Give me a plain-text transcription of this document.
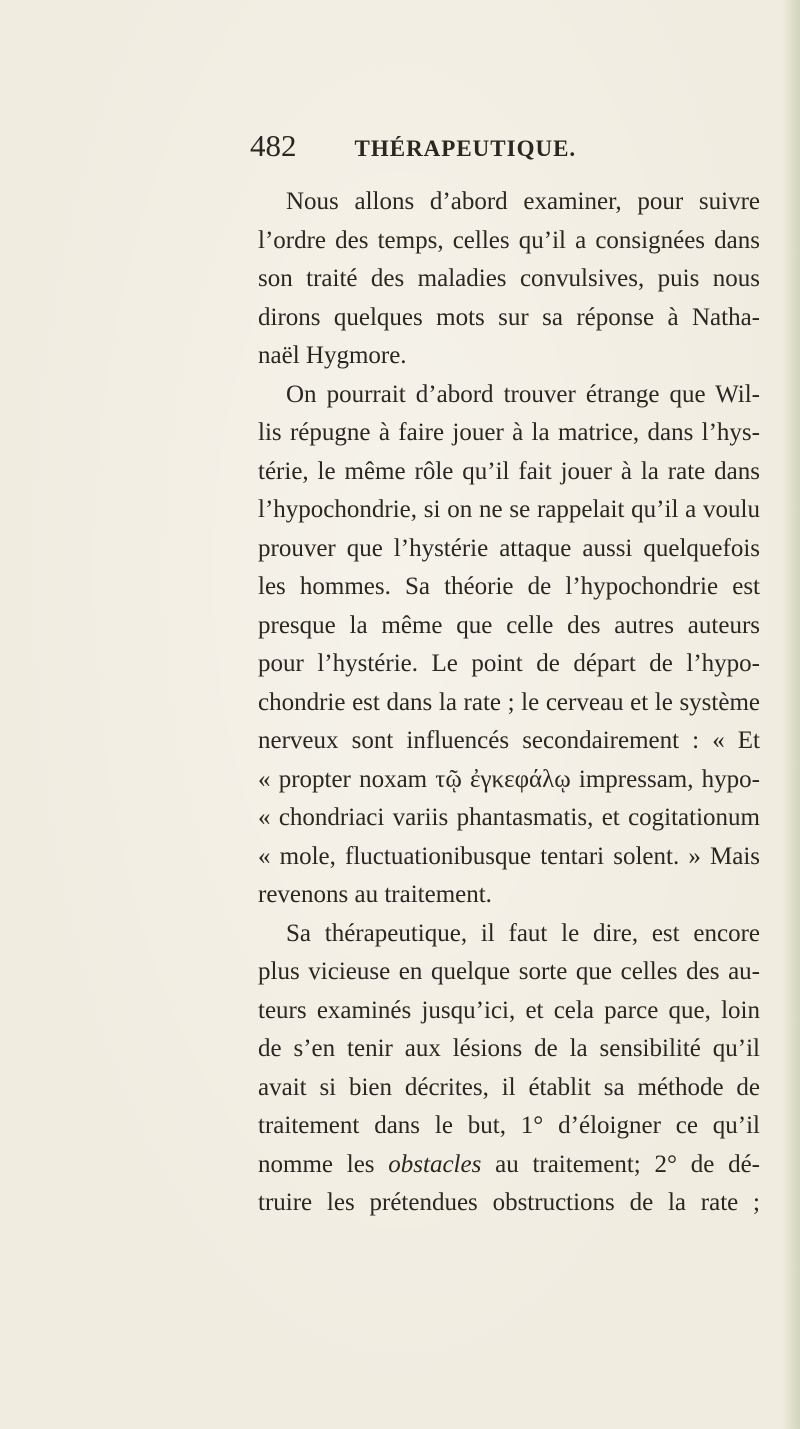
482	THÉRAPEUTIQUE.
Nous allons d’abord examiner, pour suivre
l’ordre des temps, celles qu’il a consignées dans
son traité des maladies convulsives, puis nous
dirons quelques mots sur sa réponse à Natha-
naël Hygmore.
On pourrait d’abord trouver étrange que Wil-
lis répugne à faire jouer à la matrice, dans l’hys-
térie, le même rôle qu’il fait jouer à la rate dans
l’hypochondrie, si on ne se rappelait qu’il a voulu
prouver que l’hystérie attaque aussi quelquefois
les hommes. Sa théorie de l’hypochondrie est
presque la même que celle des autres auteurs
pour l’hystérie. Le point de départ de l’hypo-
chondrie est dans la rate ; le cerveau et le système
nerveux sont influencés secondairement : « Et
« propter noxam τῷ ἐγκεφάλῳ impressam, hypo-
« chondriaci variis phantasmatis, et cogitationum
« mole, fluctuationibusque tentari solent. » Mais
revenons au traitement.
Sa thérapeutique, il faut le dire, est encore
plus vicieuse en quelque sorte que celles des au-
teurs examinés jusqu’ici, et cela parce que, loin
de s’en tenir aux lésions de la sensibilité qu’il
avait si bien décrites, il établit sa méthode de
traitement dans le but, 1° d’éloigner ce qu’il
nomme les obstacles au traitement; 2° de dé-
truire les prétendues obstructions de la rate ;
